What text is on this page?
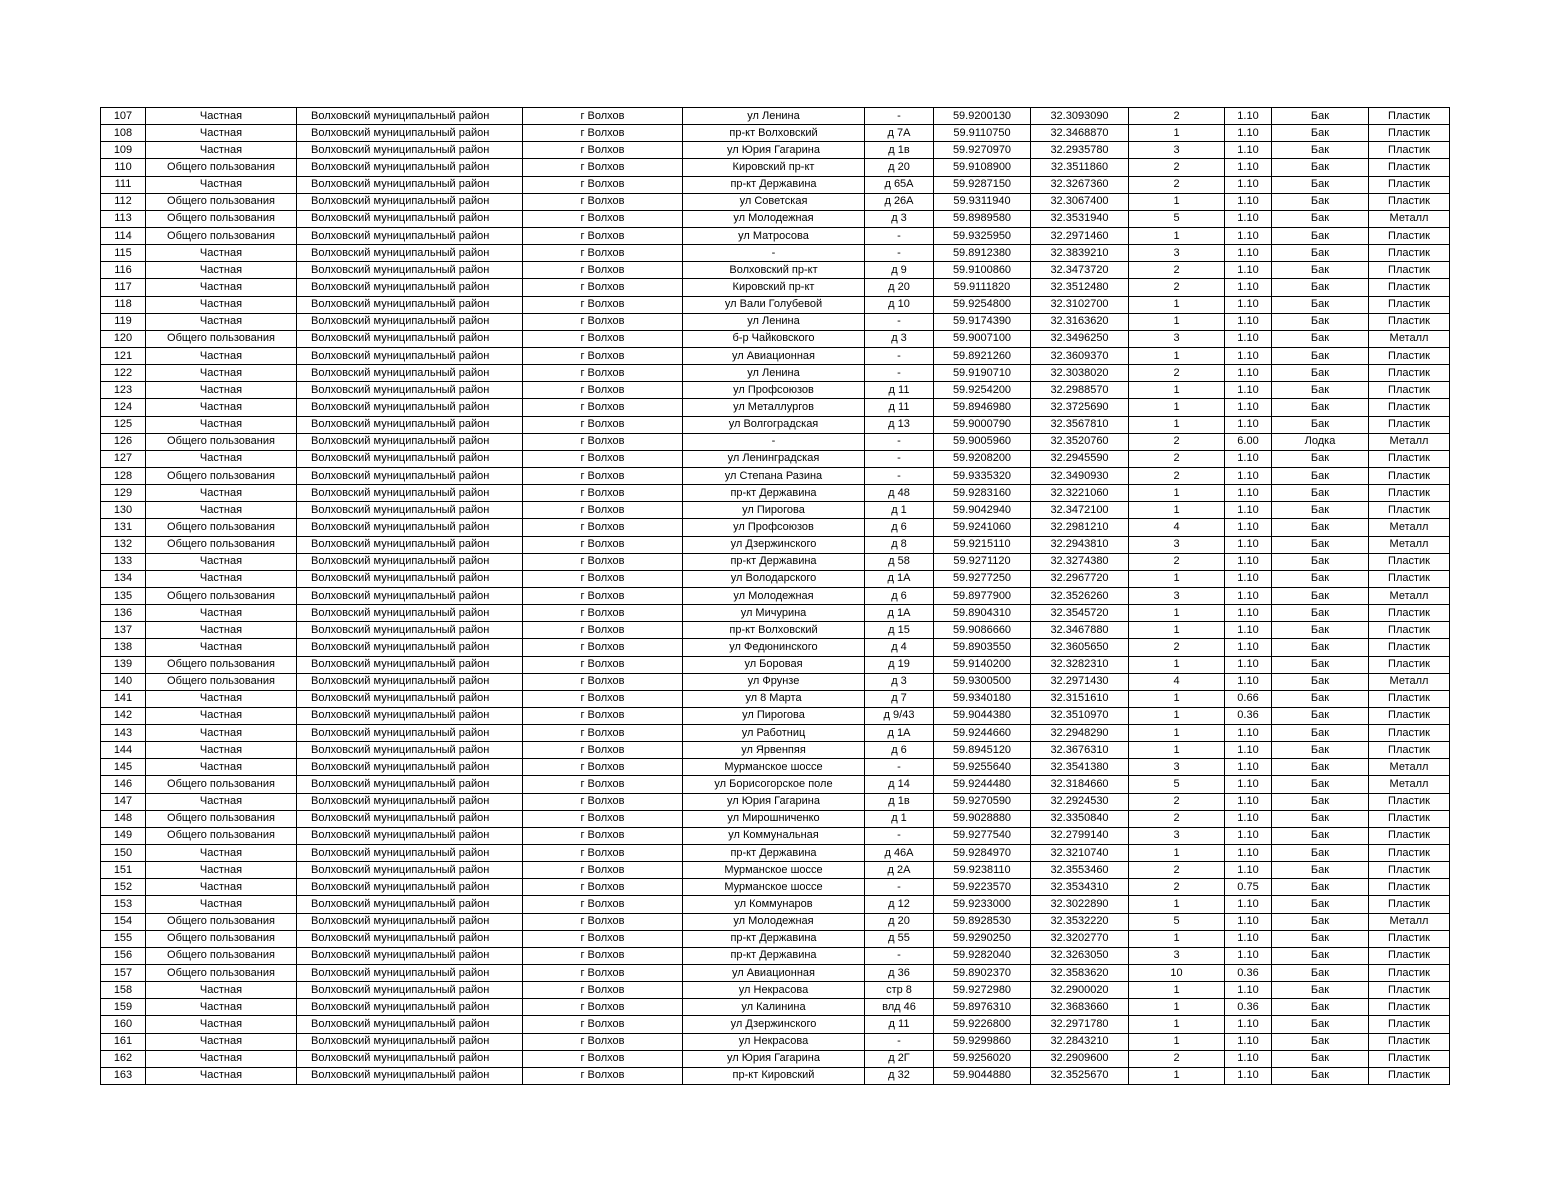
107	Частная	Волховский муниципальный район	г Волхов	ул Ленина	-	59.9200130	32.3093090	2	1.10	Бак	Пластик
108	Частная	Волховский муниципальный район	г Волхов	пр-кт Волховский	д 7А	59.9110750	32.3468870	1	1.10	Бак	Пластик
109	Частная	Волховский муниципальный район	г Волхов	ул Юрия Гагарина	д 1в	59.9270970	32.2935780	3	1.10	Бак	Пластик
110	Общего пользования	Волховский муниципальный район	г Волхов	Кировский пр-кт	д 20	59.9108900	32.3511860	2	1.10	Бак	Пластик
111	Частная	Волховский муниципальный район	г Волхов	пр-кт Державина	д 65А	59.9287150	32.3267360	2	1.10	Бак	Пластик
112	Общего пользования	Волховский муниципальный район	г Волхов	ул Советская	д 26А	59.9311940	32.3067400	1	1.10	Бак	Пластик
113	Общего пользования	Волховский муниципальный район	г Волхов	ул Молодежная	д 3	59.8989580	32.3531940	5	1.10	Бак	Металл
114	Общего пользования	Волховский муниципальный район	г Волхов	ул Матросова	-	59.9325950	32.2971460	1	1.10	Бак	Пластик
115	Частная	Волховский муниципальный район	г Волхов	-	-	59.8912380	32.3839210	3	1.10	Бак	Пластик
116	Частная	Волховский муниципальный район	г Волхов	Волховский пр-кт	д 9	59.9100860	32.3473720	2	1.10	Бак	Пластик
117	Частная	Волховский муниципальный район	г Волхов	Кировский пр-кт	д 20	59.9111820	32.3512480	2	1.10	Бак	Пластик
118	Частная	Волховский муниципальный район	г Волхов	ул Вали Голубевой	д 10	59.9254800	32.3102700	1	1.10	Бак	Пластик
119	Частная	Волховский муниципальный район	г Волхов	ул Ленина	-	59.9174390	32.3163620	1	1.10	Бак	Пластик
120	Общего пользования	Волховский муниципальный район	г Волхов	б-р Чайковского	д 3	59.9007100	32.3496250	3	1.10	Бак	Металл
121	Частная	Волховский муниципальный район	г Волхов	ул Авиационная	-	59.8921260	32.3609370	1	1.10	Бак	Пластик
122	Частная	Волховский муниципальный район	г Волхов	ул Ленина	-	59.9190710	32.3038020	2	1.10	Бак	Пластик
123	Частная	Волховский муниципальный район	г Волхов	ул Профсоюзов	д 11	59.9254200	32.2988570	1	1.10	Бак	Пластик
124	Частная	Волховский муниципальный район	г Волхов	ул Металлургов	д 11	59.8946980	32.3725690	1	1.10	Бак	Пластик
125	Частная	Волховский муниципальный район	г Волхов	ул Волгоградская	д 13	59.9000790	32.3567810	1	1.10	Бак	Пластик
126	Общего пользования	Волховский муниципальный район	г Волхов	-	-	59.9005960	32.3520760	2	6.00	Лодка	Металл
127	Частная	Волховский муниципальный район	г Волхов	ул Ленинградская	-	59.9208200	32.2945590	2	1.10	Бак	Пластик
128	Общего пользования	Волховский муниципальный район	г Волхов	ул Степана Разина	-	59.9335320	32.3490930	2	1.10	Бак	Пластик
129	Частная	Волховский муниципальный район	г Волхов	пр-кт Державина	д 48	59.9283160	32.3221060	1	1.10	Бак	Пластик
130	Частная	Волховский муниципальный район	г Волхов	ул Пирогова	д 1	59.9042940	32.3472100	1	1.10	Бак	Пластик
131	Общего пользования	Волховский муниципальный район	г Волхов	ул Профсоюзов	д 6	59.9241060	32.2981210	4	1.10	Бак	Металл
132	Общего пользования	Волховский муниципальный район	г Волхов	ул Дзержинского	д 8	59.9215110	32.2943810	3	1.10	Бак	Металл
133	Частная	Волховский муниципальный район	г Волхов	пр-кт Державина	д 58	59.9271120	32.3274380	2	1.10	Бак	Пластик
134	Частная	Волховский муниципальный район	г Волхов	ул Володарского	д 1А	59.9277250	32.2967720	1	1.10	Бак	Пластик
135	Общего пользования	Волховский муниципальный район	г Волхов	ул Молодежная	д 6	59.8977900	32.3526260	3	1.10	Бак	Металл
136	Частная	Волховский муниципальный район	г Волхов	ул Мичурина	д 1А	59.8904310	32.3545720	1	1.10	Бак	Пластик
137	Частная	Волховский муниципальный район	г Волхов	пр-кт Волховский	д 15	59.9086660	32.3467880	1	1.10	Бак	Пластик
138	Частная	Волховский муниципальный район	г Волхов	ул Федюнинского	д 4	59.8903550	32.3605650	2	1.10	Бак	Пластик
139	Общего пользования	Волховский муниципальный район	г Волхов	ул Боровая	д 19	59.9140200	32.3282310	1	1.10	Бак	Пластик
140	Общего пользования	Волховский муниципальный район	г Волхов	ул Фрунзе	д 3	59.9300500	32.2971430	4	1.10	Бак	Металл
141	Частная	Волховский муниципальный район	г Волхов	ул 8 Марта	д 7	59.9340180	32.3151610	1	0.66	Бак	Пластик
142	Частная	Волховский муниципальный район	г Волхов	ул Пирогова	д 9/43	59.9044380	32.3510970	1	0.36	Бак	Пластик
143	Частная	Волховский муниципальный район	г Волхов	ул Работниц	д 1А	59.9244660	32.2948290	1	1.10	Бак	Пластик
144	Частная	Волховский муниципальный район	г Волхов	ул Ярвенпяя	д 6	59.8945120	32.3676310	1	1.10	Бак	Пластик
145	Частная	Волховский муниципальный район	г Волхов	Мурманское шоссе	-	59.9255640	32.3541380	3	1.10	Бак	Металл
146	Общего пользования	Волховский муниципальный район	г Волхов	ул Борисогорское поле	д 14	59.9244480	32.3184660	5	1.10	Бак	Металл
147	Частная	Волховский муниципальный район	г Волхов	ул Юрия Гагарина	д 1в	59.9270590	32.2924530	2	1.10	Бак	Пластик
148	Общего пользования	Волховский муниципальный район	г Волхов	ул Мирошниченко	д 1	59.9028880	32.3350840	2	1.10	Бак	Пластик
149	Общего пользования	Волховский муниципальный район	г Волхов	ул Коммунальная	-	59.9277540	32.2799140	3	1.10	Бак	Пластик
150	Частная	Волховский муниципальный район	г Волхов	пр-кт Державина	д 46А	59.9284970	32.3210740	1	1.10	Бак	Пластик
151	Частная	Волховский муниципальный район	г Волхов	Мурманское шоссе	д 2А	59.9238110	32.3553460	2	1.10	Бак	Пластик
152	Частная	Волховский муниципальный район	г Волхов	Мурманское шоссе	-	59.9223570	32.3534310	2	0.75	Бак	Пластик
153	Частная	Волховский муниципальный район	г Волхов	ул Коммунаров	д 12	59.9233000	32.3022890	1	1.10	Бак	Пластик
154	Общего пользования	Волховский муниципальный район	г Волхов	ул Молодежная	д 20	59.8928530	32.3532220	5	1.10	Бак	Металл
155	Общего пользования	Волховский муниципальный район	г Волхов	пр-кт Державина	д 55	59.9290250	32.3202770	1	1.10	Бак	Пластик
156	Общего пользования	Волховский муниципальный район	г Волхов	пр-кт Державина	-	59.9282040	32.3263050	3	1.10	Бак	Пластик
157	Общего пользования	Волховский муниципальный район	г Волхов	ул Авиационная	д 36	59.8902370	32.3583620	10	0.36	Бак	Пластик
158	Частная	Волховский муниципальный район	г Волхов	ул Некрасова	стр 8	59.9272980	32.2900020	1	1.10	Бак	Пластик
159	Частная	Волховский муниципальный район	г Волхов	ул Калинина	влд 46	59.8976310	32.3683660	1	0.36	Бак	Пластик
160	Частная	Волховский муниципальный район	г Волхов	ул Дзержинского	д 11	59.9226800	32.2971780	1	1.10	Бак	Пластик
161	Частная	Волховский муниципальный район	г Волхов	ул Некрасова	-	59.9299860	32.2843210	1	1.10	Бак	Пластик
162	Частная	Волховский муниципальный район	г Волхов	ул Юрия Гагарина	д 2Г	59.9256020	32.2909600	2	1.10	Бак	Пластик
163	Частная	Волховский муниципальный район	г Волхов	пр-кт Кировский	д 32	59.9044880	32.3525670	1	1.10	Бак	Пластик
